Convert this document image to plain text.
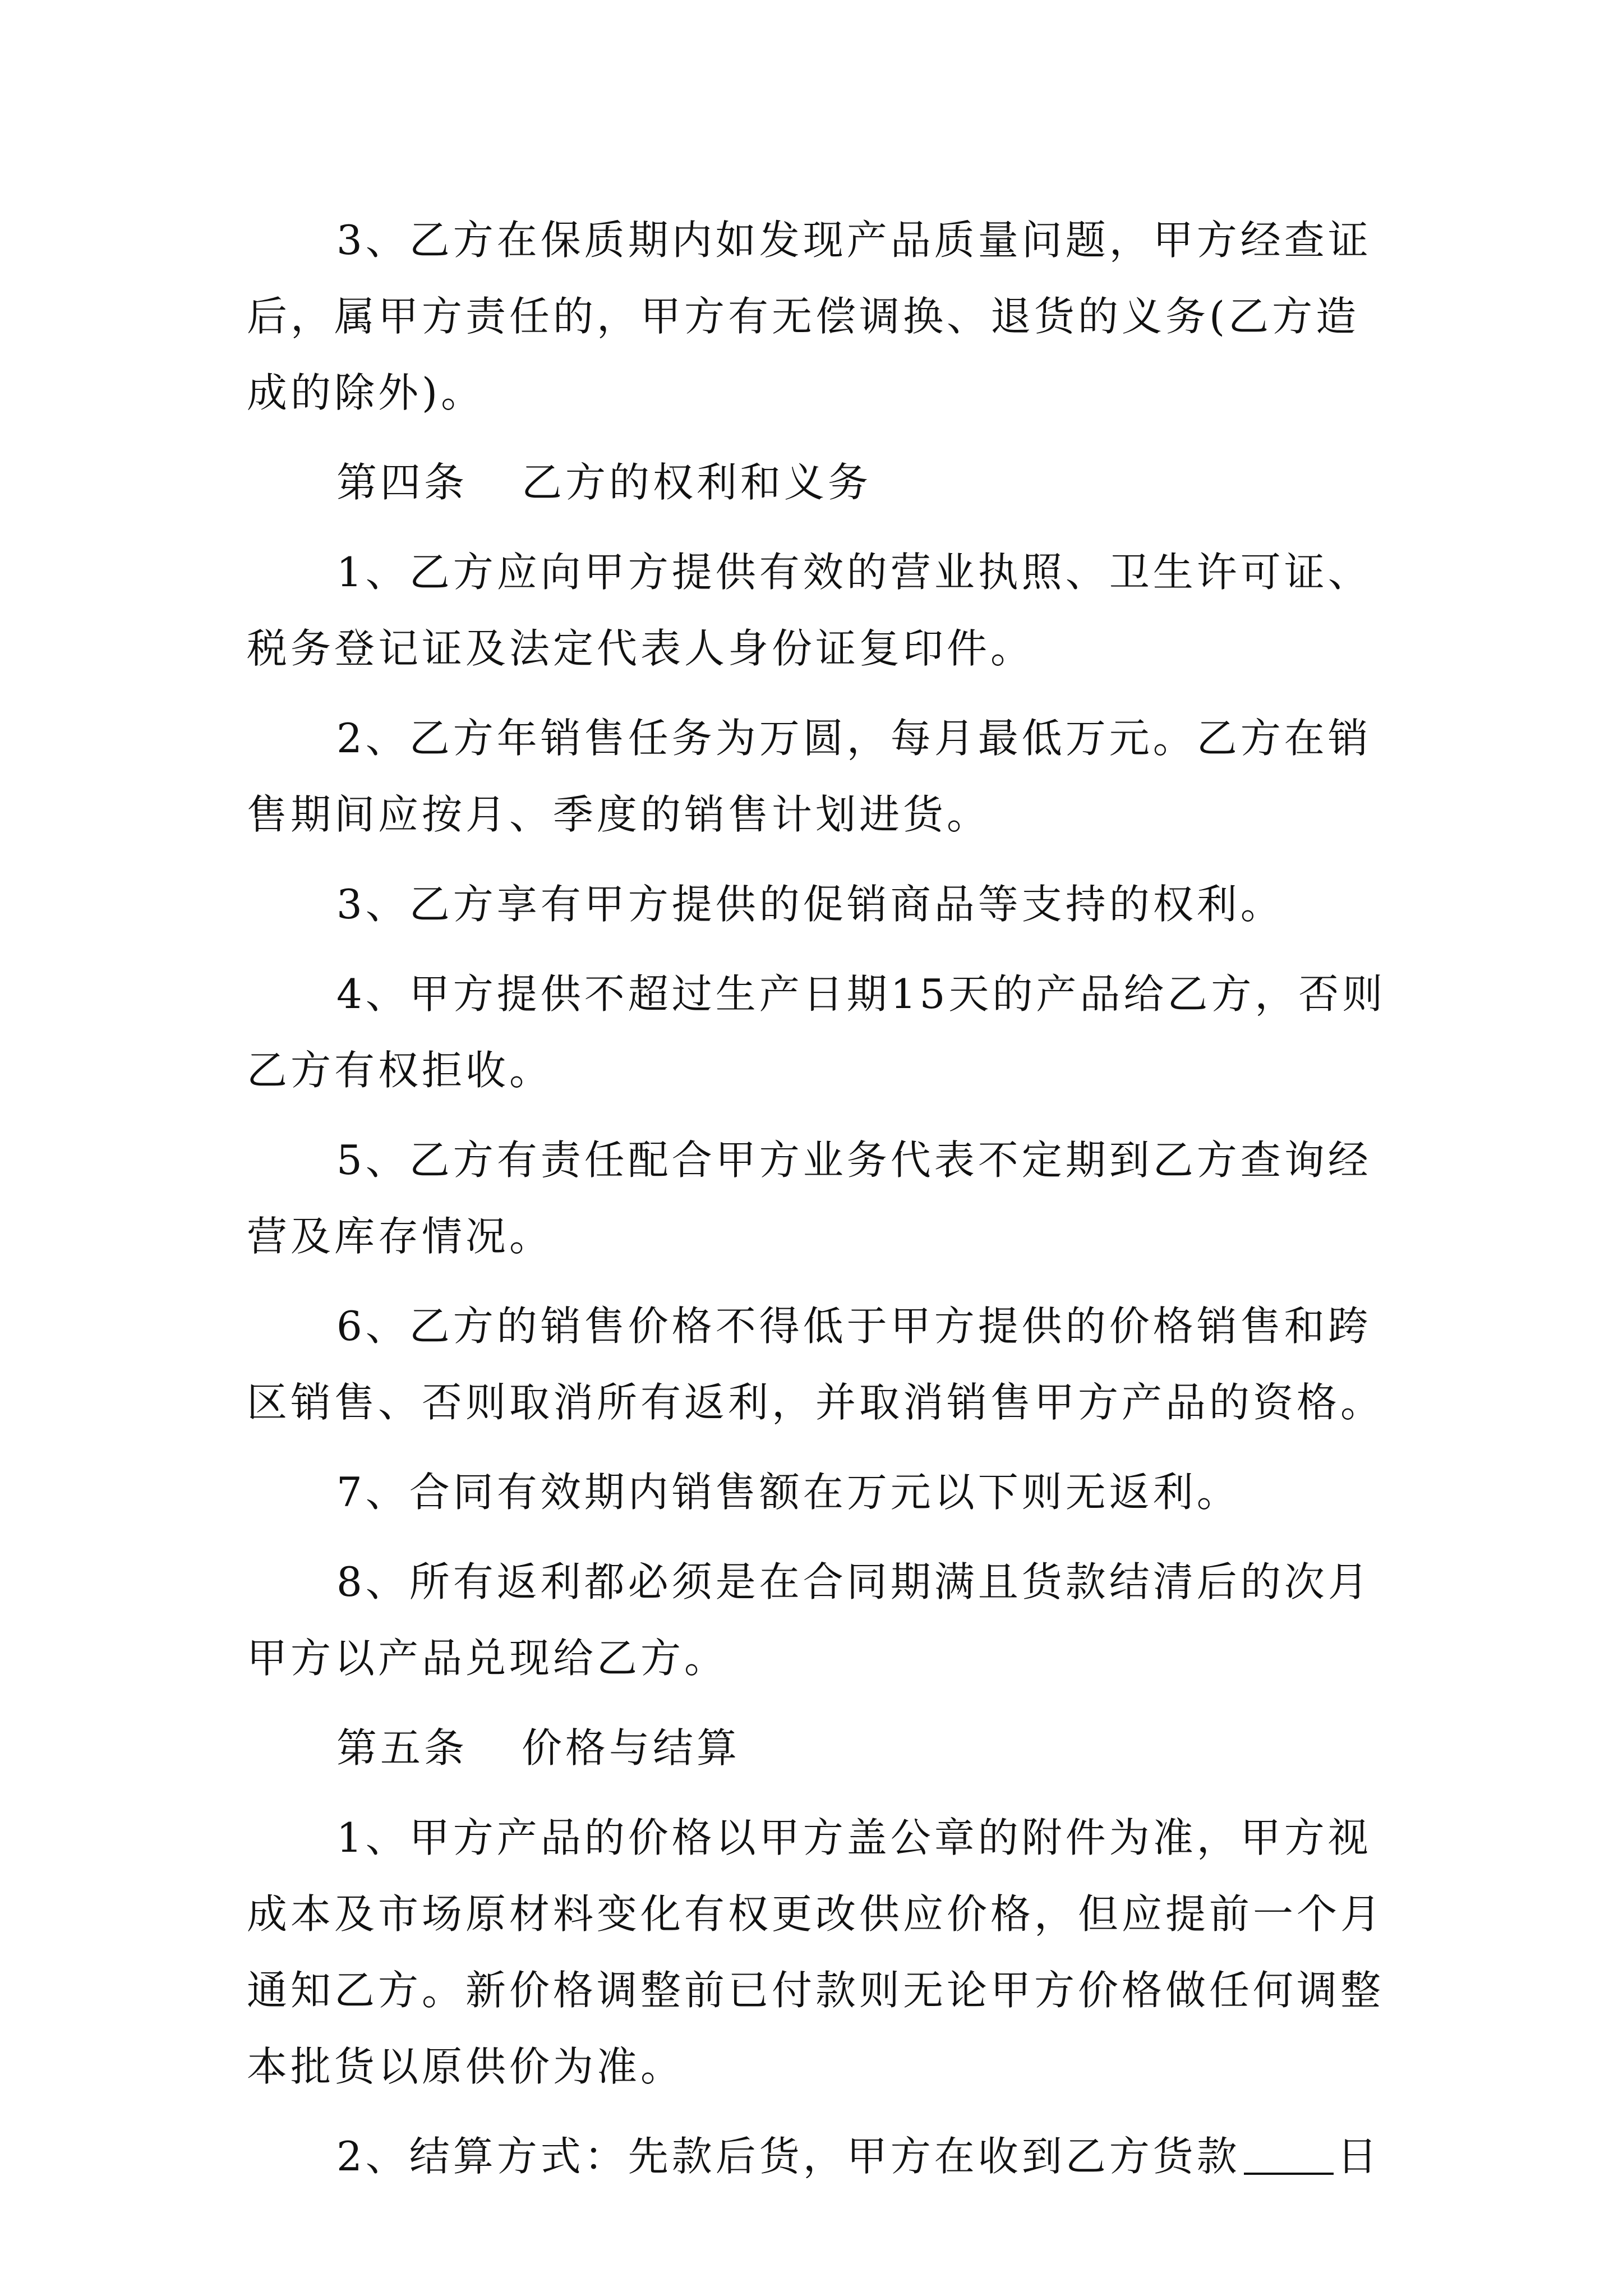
3、乙方在保质期内如发现产品质量问题，甲方经查证
后，属甲方责任的，甲方有无偿调换、退货的义务(乙方造
成的除外)。
第四条 乙方的权利和义务
1、乙方应向甲方提供有效的营业执照、卫生许可证、
税务登记证及法定代表人身份证复印件。
2、乙方年销售任务为万圆，每月最低万元。乙方在销
售期间应按月、季度的销售计划进货。
3、乙方享有甲方提供的促销商品等支持的权利。
4、甲方提供不超过生产日期15天的产品给乙方，否则
乙方有权拒收。
5、乙方有责任配合甲方业务代表不定期到乙方查询经
营及库存情况。
6、乙方的销售价格不得低于甲方提供的价格销售和跨
区销售、否则取消所有返利，并取消销售甲方产品的资格。
7、合同有效期内销售额在万元以下则无返利。
8、所有返利都必须是在合同期满且货款结清后的次月
甲方以产品兑现给乙方。
第五条 价格与结算
1、甲方产品的价格以甲方盖公章的附件为准，甲方视
成本及市场原材料变化有权更改供应价格，但应提前一个月
通知乙方。新价格调整前已付款则无论甲方价格做任何调整
本批货以原供价为准。
2、结算方式：先款后货，甲方在收到乙方货款 日
